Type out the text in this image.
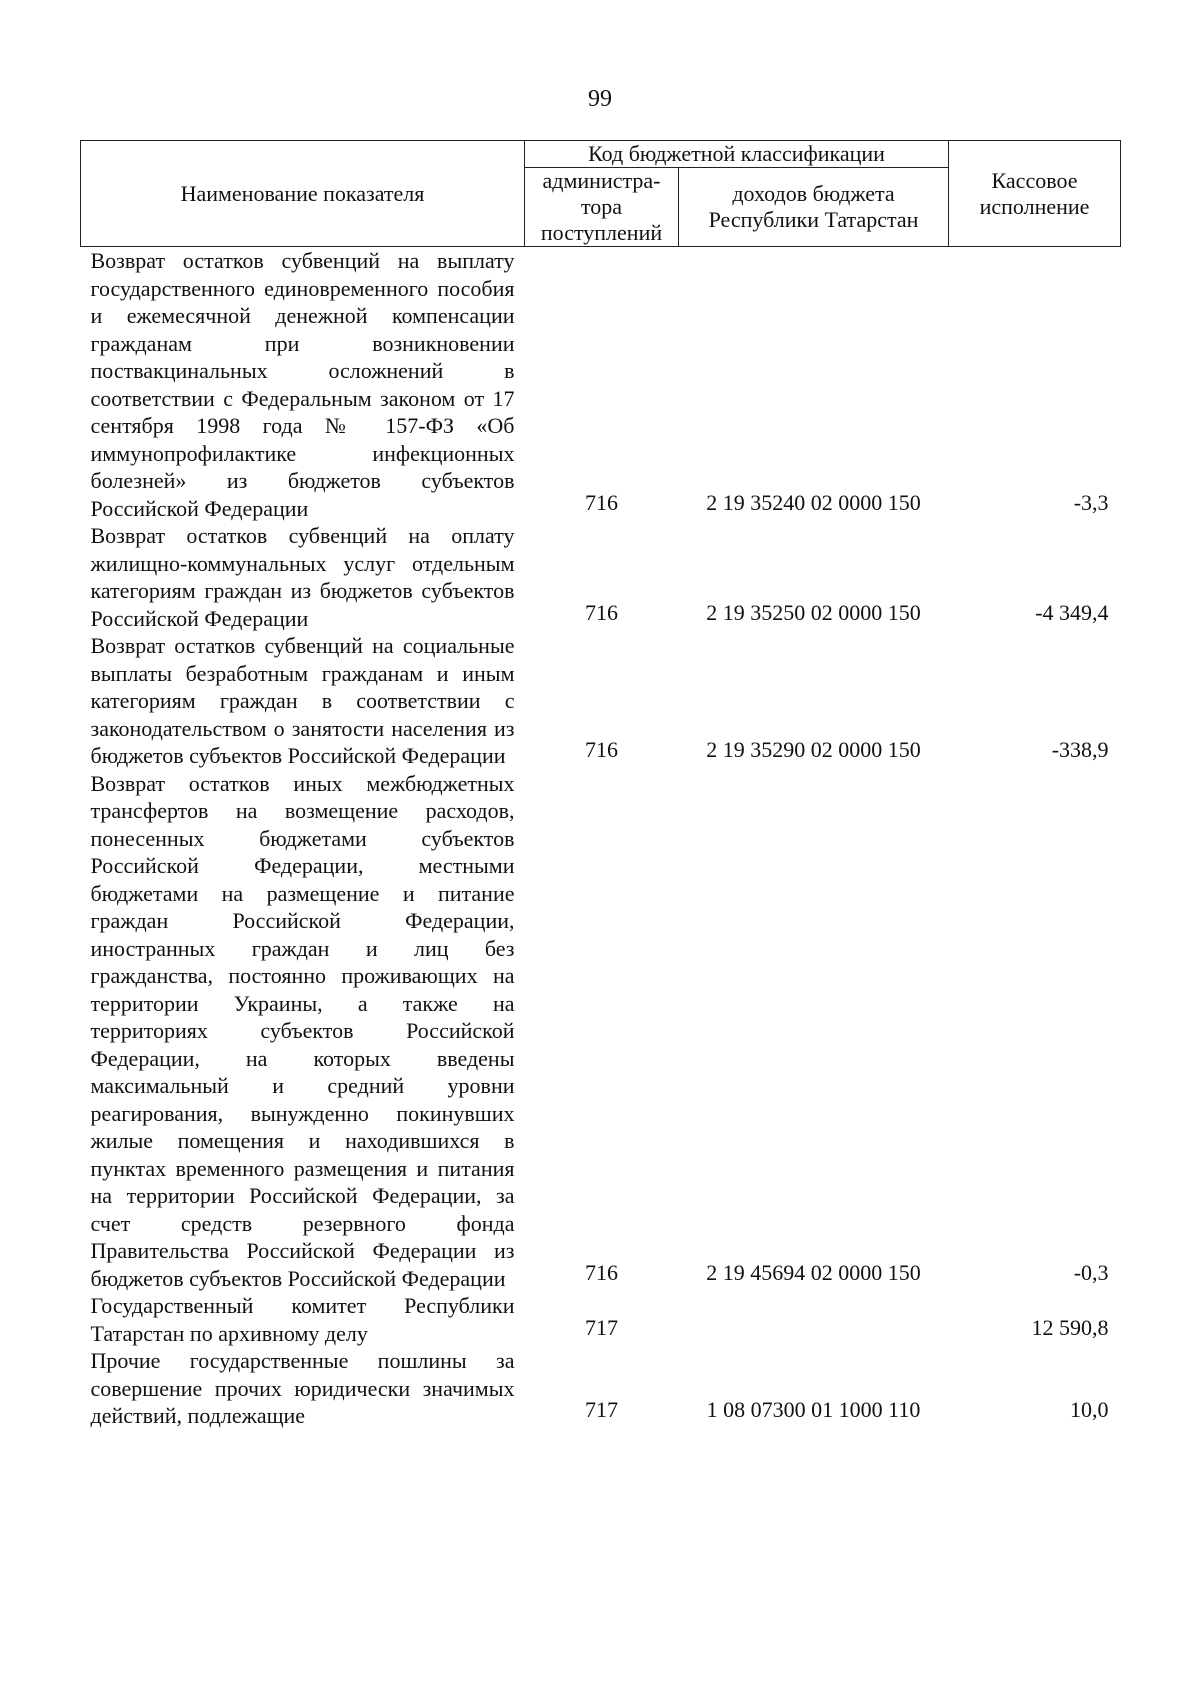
99
Наименование показателя	Код бюджетной классификации		Кассовое исполнение
	администра-тора поступлений	доходов бюджета Республики Татарстан	
Возврат остатков субвенций на выплату государственного единовременного пособия и ежемесячной денежной компенсации гражданам при возникновении поствакцинальных осложнений в соответствии с Федеральным законом от 17 сентября 1998 года № 157-ФЗ «Об иммунопрофилактике инфекционных болезней» из бюджетов субъектов Российской Федерации	716	2 19 35240 02 0000 150	-3,3
Возврат остатков субвенций на оплату жилищно-коммунальных услуг отдельным категориям граждан из бюджетов субъектов Российской Федерации	716	2 19 35250 02 0000 150	-4 349,4
Возврат остатков субвенций на социальные выплаты безработным гражданам и иным категориям граждан в соответствии с законодательством о занятости населения из бюджетов субъектов Российской Федерации	716	2 19 35290 02 0000 150	-338,9
Возврат остатков иных межбюджетных трансфертов на возмещение расходов, понесенных бюджетами субъектов Российской Федерации, местными бюджетами на размещение и питание граждан Российской Федерации, иностранных граждан и лиц без гражданства, постоянно проживающих на территории Украины, а также на территориях субъектов Российской Федерации, на которых введены максимальный и средний уровни реагирования, вынужденно покинувших жилые помещения и находившихся в пунктах временного размещения и питания на территории Российской Федерации, за счет средств резервного фонда Правительства Российской Федерации из бюджетов субъектов Российской Федерации	716	2 19 45694 02 0000 150	-0,3
Государственный комитет Республики Татарстан по архивному делу	717		12 590,8
Прочие государственные пошлины за совершение прочих юридически значимых действий, подлежащие	717	1 08 07300 01 1000 110	10,0
